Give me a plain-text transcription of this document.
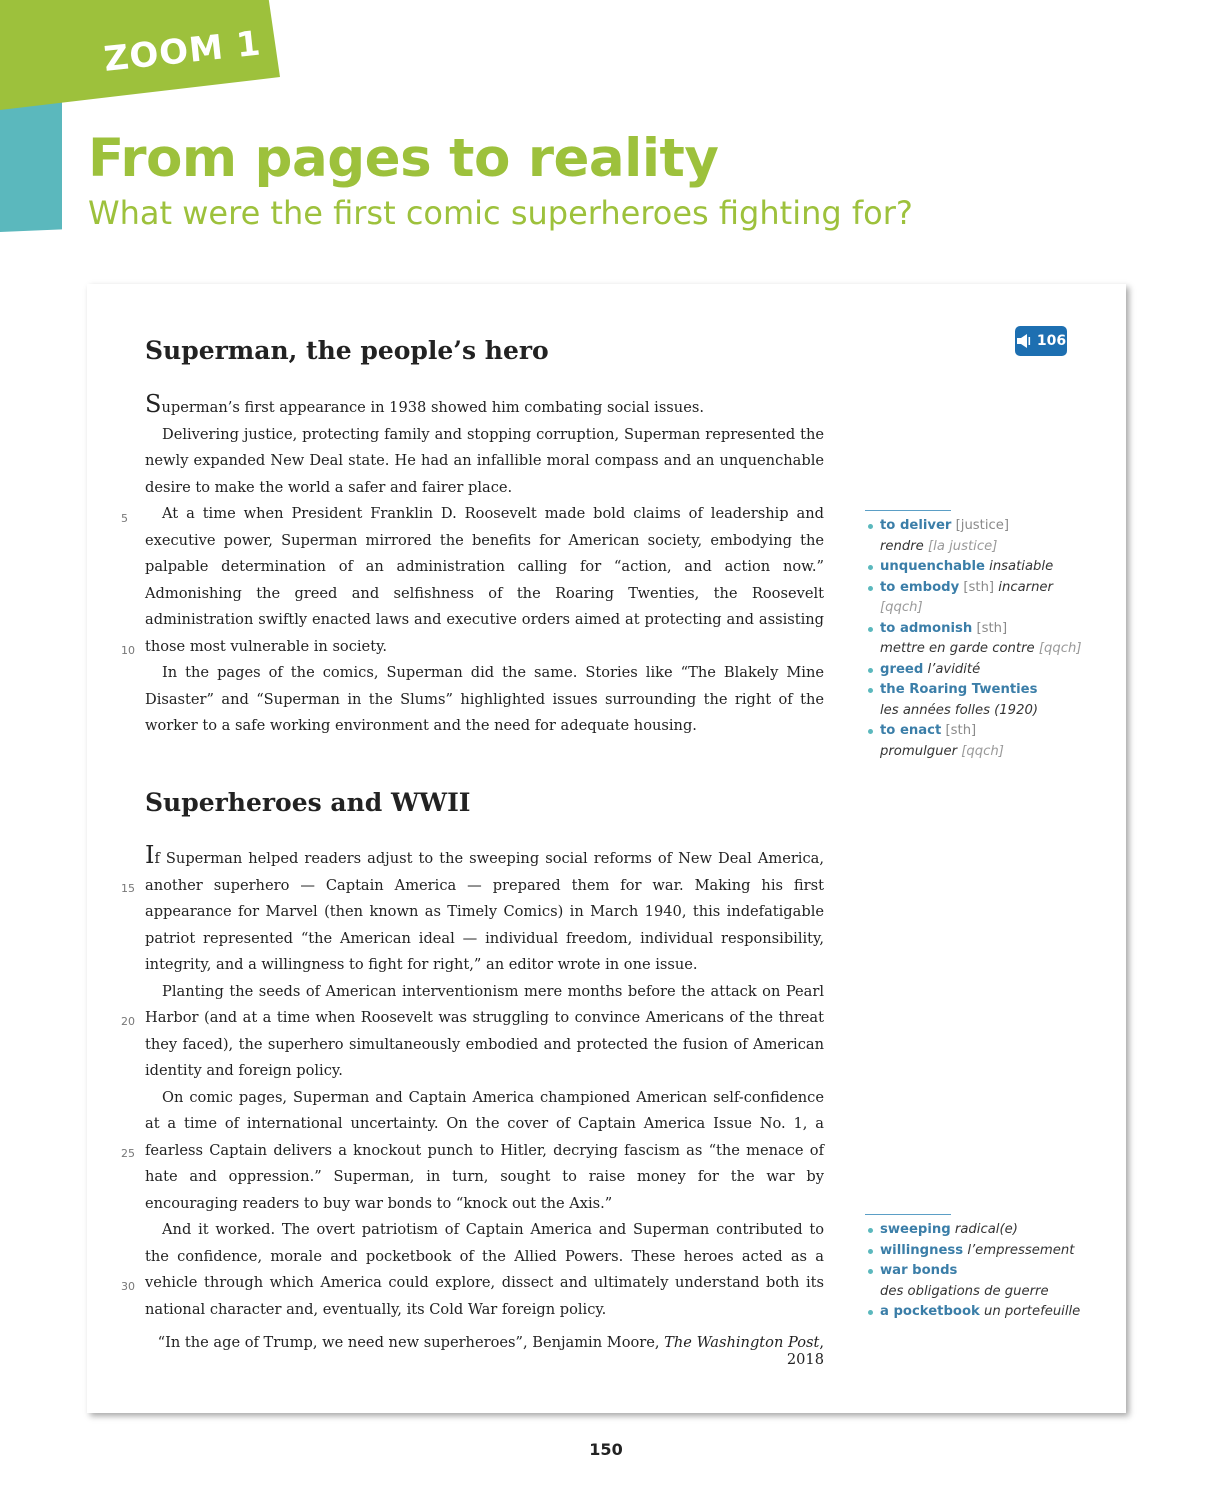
ZOOM 1
From pages to reality
What were the first comic superheroes fighting for?
106
Superman, the people’s hero

Superman’s first appearance in 1938 showed him combating social issues.

Delivering justice, protecting family and stopping corruption, Superman represented the newly expanded New Deal state. He had an infallible moral compass and an unquenchable desire to make the world a safer and fairer place.

At a time when President Franklin D. Roosevelt made bold claims of leadership and executive power, Superman mirrored the benefits for American society, embodying the palpable determination of an administration calling for “action, and action now.” Admonishing the greed and selfishness of the Roaring Twenties, the Roosevelt administration swiftly enacted laws and executive orders aimed at protecting and assisting those most vulnerable in society.

In the pages of the comics, Superman did the same. Stories like “The Blakely Mine Disaster” and “Superman in the Slums” highlighted issues surrounding the right of the worker to a safe working environment and the need for adequate housing.

5
10
to deliver [justice]
rendre [la justice]
unquenchable insatiable
to embody [sth] incarner [qqch]
to admonish [sth]
mettre en garde contre [qqch]
greed l’avidité
the Roaring Twenties
les années folles (1920)
to enact [sth]
promulguer [qqch]
Superheroes and WWII

If Superman helped readers adjust to the sweeping social reforms of New Deal America, another superhero — Captain America — prepared them for war. Making his first appearance for Marvel (then known as Timely Comics) in March 1940, this indefatigable patriot represented “the American ideal — individual freedom, individual responsibility, integrity, and a willingness to fight for right,” an editor wrote in one issue.

Planting the seeds of American interventionism mere months before the attack on Pearl Harbor (and at a time when Roosevelt was struggling to convince Americans of the threat they faced), the superhero simultaneously embodied and protected the fusion of American identity and foreign policy.

On comic pages, Superman and Captain America championed American self-confidence at a time of international uncertainty. On the cover of Captain America Issue No. 1, a fearless Captain delivers a knockout punch to Hitler, decrying fascism as “the menace of hate and oppression.” Superman, in turn, sought to raise money for the war by encouraging readers to buy war bonds to “knock out the Axis.”

And it worked. The overt patriotism of Captain America and Superman contributed to the confidence, morale and pocketbook of the Allied Powers. These heroes acted as a vehicle through which America could explore, dissect and ultimately understand both its national character and, eventually, its Cold War foreign policy.

15
20
25
30
sweeping radical(e)
willingness l’empressement
war bonds
des obligations de guerre
a pocketbook un portefeuille
“In the age of Trump, we need new superheroes”, Benjamin Moore, The Washington Post, 2018
150
